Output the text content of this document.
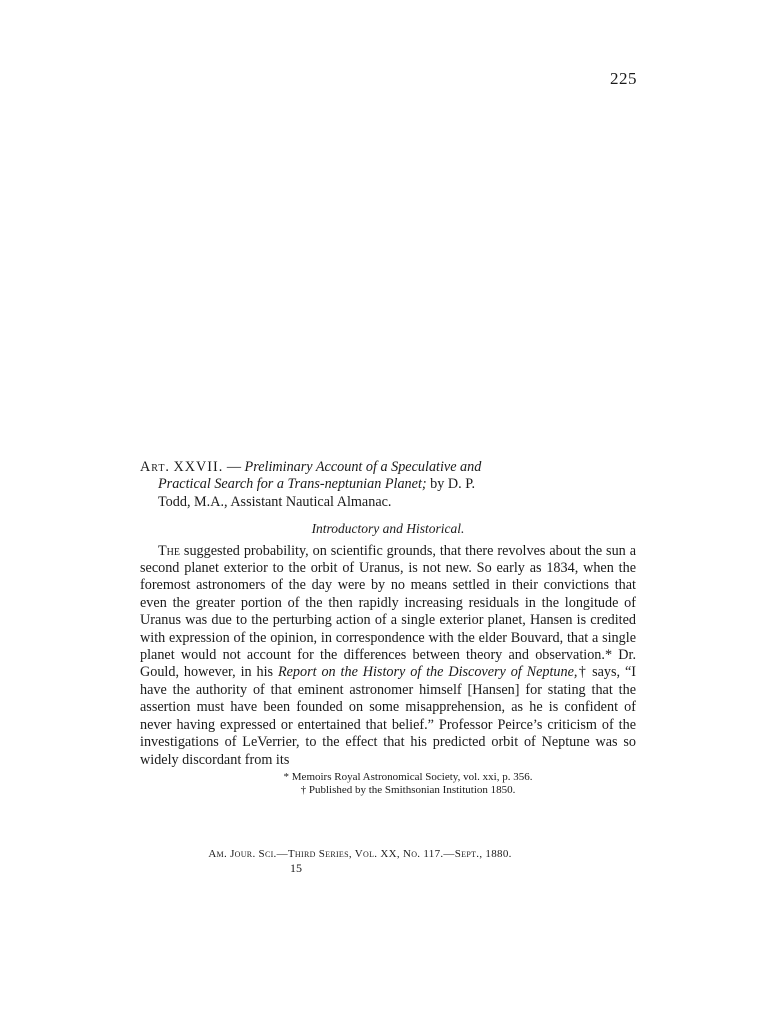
225
Art. XXVII. — Preliminary Account of a Speculative and
Practical Search for a Trans-neptunian Planet; by D. P.
Todd, M.A., Assistant Nautical Almanac.
Introductory and Historical.

The suggested probability, on scientific grounds, that there revolves about the sun a second planet exterior to the orbit of Uranus, is not new. So early as 1834, when the foremost astronomers of the day were by no means settled in their convictions that even the greater portion of the then rapidly increasing residuals in the longitude of Uranus was due to the perturbing action of a single exterior planet, Hansen is credited with expression of the opinion, in correspondence with the elder Bouvard, that a single planet would not account for the differences between theory and observation.* Dr. Gould, however, in his Report on the History of the Discovery of Neptune,† says, “I have the authority of that eminent astronomer himself [Hansen] for stating that the assertion must have been founded on some misapprehension, as he is confident of never having expressed or entertained that belief.” Professor Peirce’s criticism of the investigations of LeVerrier, to the effect that his predicted orbit of Neptune was so widely discordant from its

* Memoirs Royal Astronomical Society, vol. xxi, p. 356.
† Published by the Smithsonian Institution 1850.
Am. Jour. Sci.—Third Series, Vol. XX, No. 117.—Sept., 1880.
15
